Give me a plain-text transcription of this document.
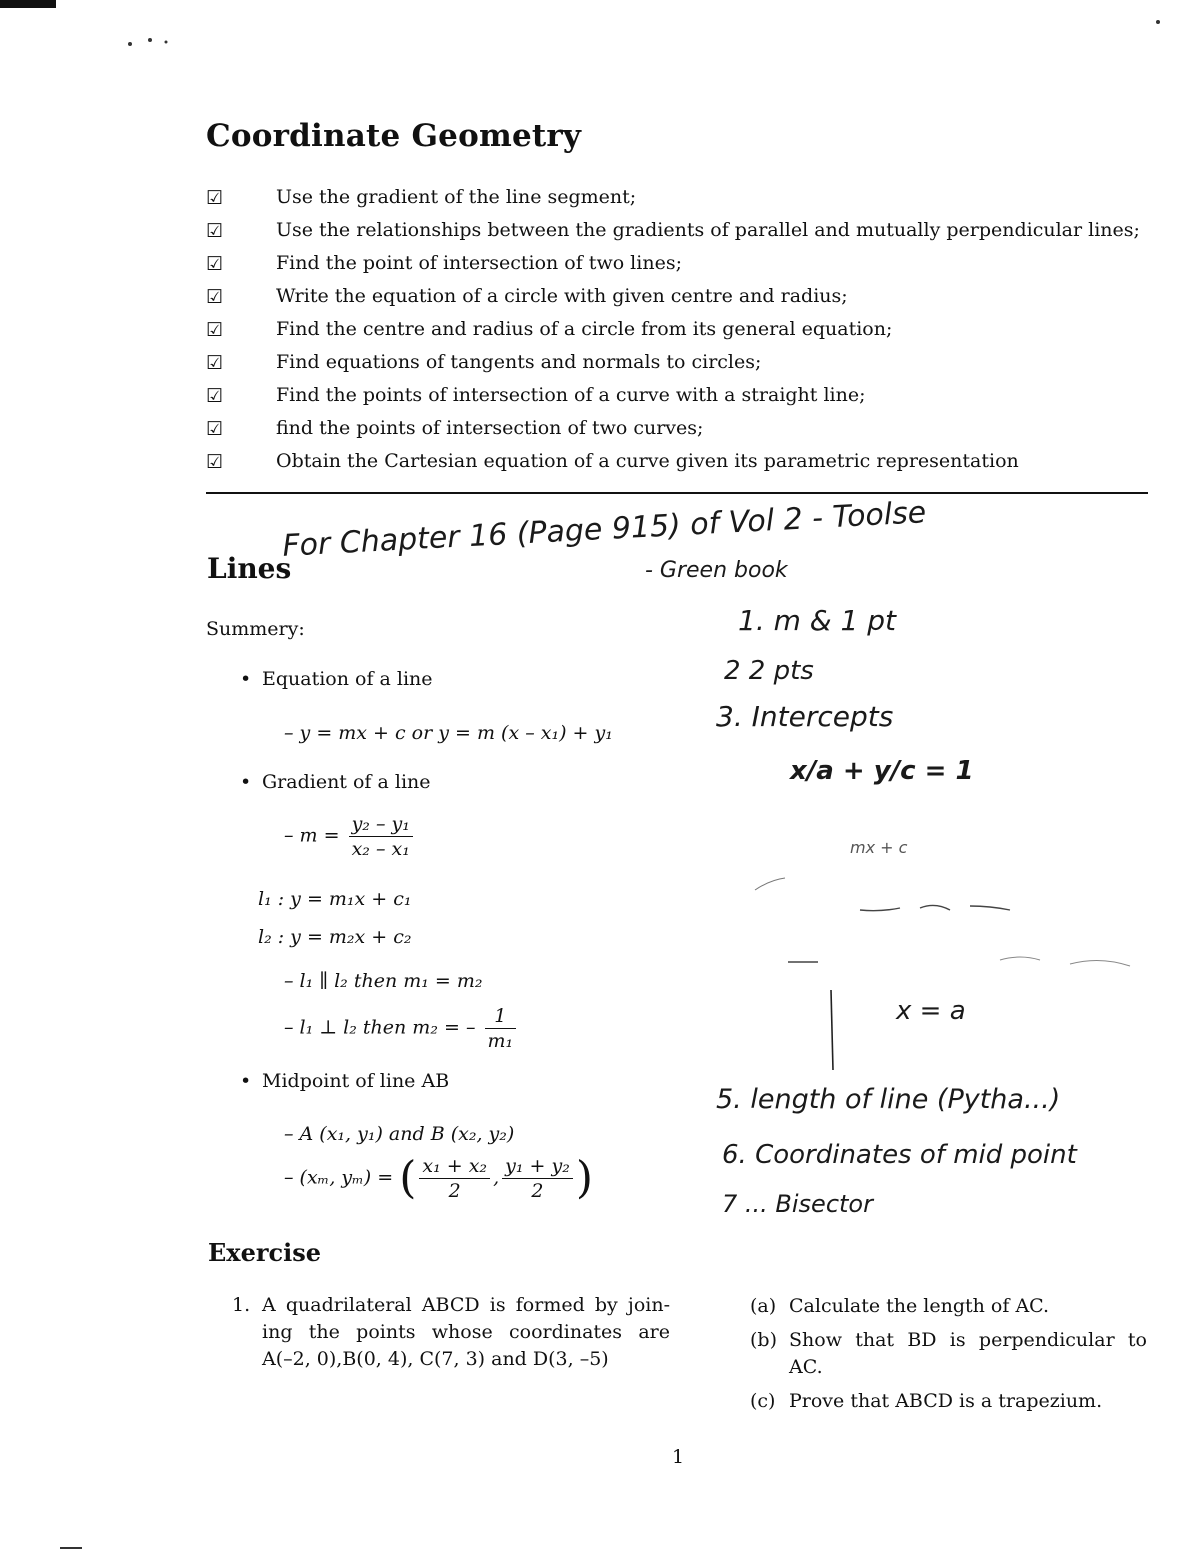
Coordinate Geometry
☑	Use the gradient of the line segment;
☑	Use the relationships between the gradients of parallel and mutually perpendicular lines;
☑	Find the point of intersection of two lines;
☑	Write the equation of a circle with given centre and radius;
☑	Find the centre and radius of a circle from its general equation;
☑	Find equations of tangents and normals to circles;
☑	Find the points of intersection of a curve with a straight line;
☑	find the points of intersection of two curves;
☑	Obtain the Cartesian equation of a curve given its parametric representation
Lines
Summery:
• Equation of a line
– y = mx + c or y = m (x – x₁) + y₁
• Gradient of a line
– $m = \frac{\text{y₂ – y₁}}{\text{x₂ – x₁}}$
l₁ : y = m₁x + c₁
l₂ : y = m₂x + c₂
– l₁ ∥ l₂ then m₁ = m₂
– l₁ ⊥ l₂ then m₂ = – $\frac{1}{\text{m₁}}$
• Midpoint of line AB
– A (x₁, y₁) and B (x₂, y₂)
– (xₘ, yₘ) = ( $\frac{\text{x₁ + x₂}}{2}$ , $\frac{\text{y₁ + y₂}}{2}$ )
Exercise
1. A quadrilateral ABCD is formed by join-
ing the points whose coordinates are
A(–2, 0),B(0, 4), C(7, 3) and D(3, –5)
(a) Calculate the length of AC.
(b) Show that BD is perpendicular to
AC.
(c) Prove that ABCD is a trapezium.
1
For Chapter 16 (Page 915) of Vol 2 - Toolse
- Green book
1. m & 1 pt
2 2 pts
3. Intercepts
x/a + y/c = 1
mx + c
x = a
5. length of line (Pytha...)
6. Coordinates of mid point
7 ... Bisector
